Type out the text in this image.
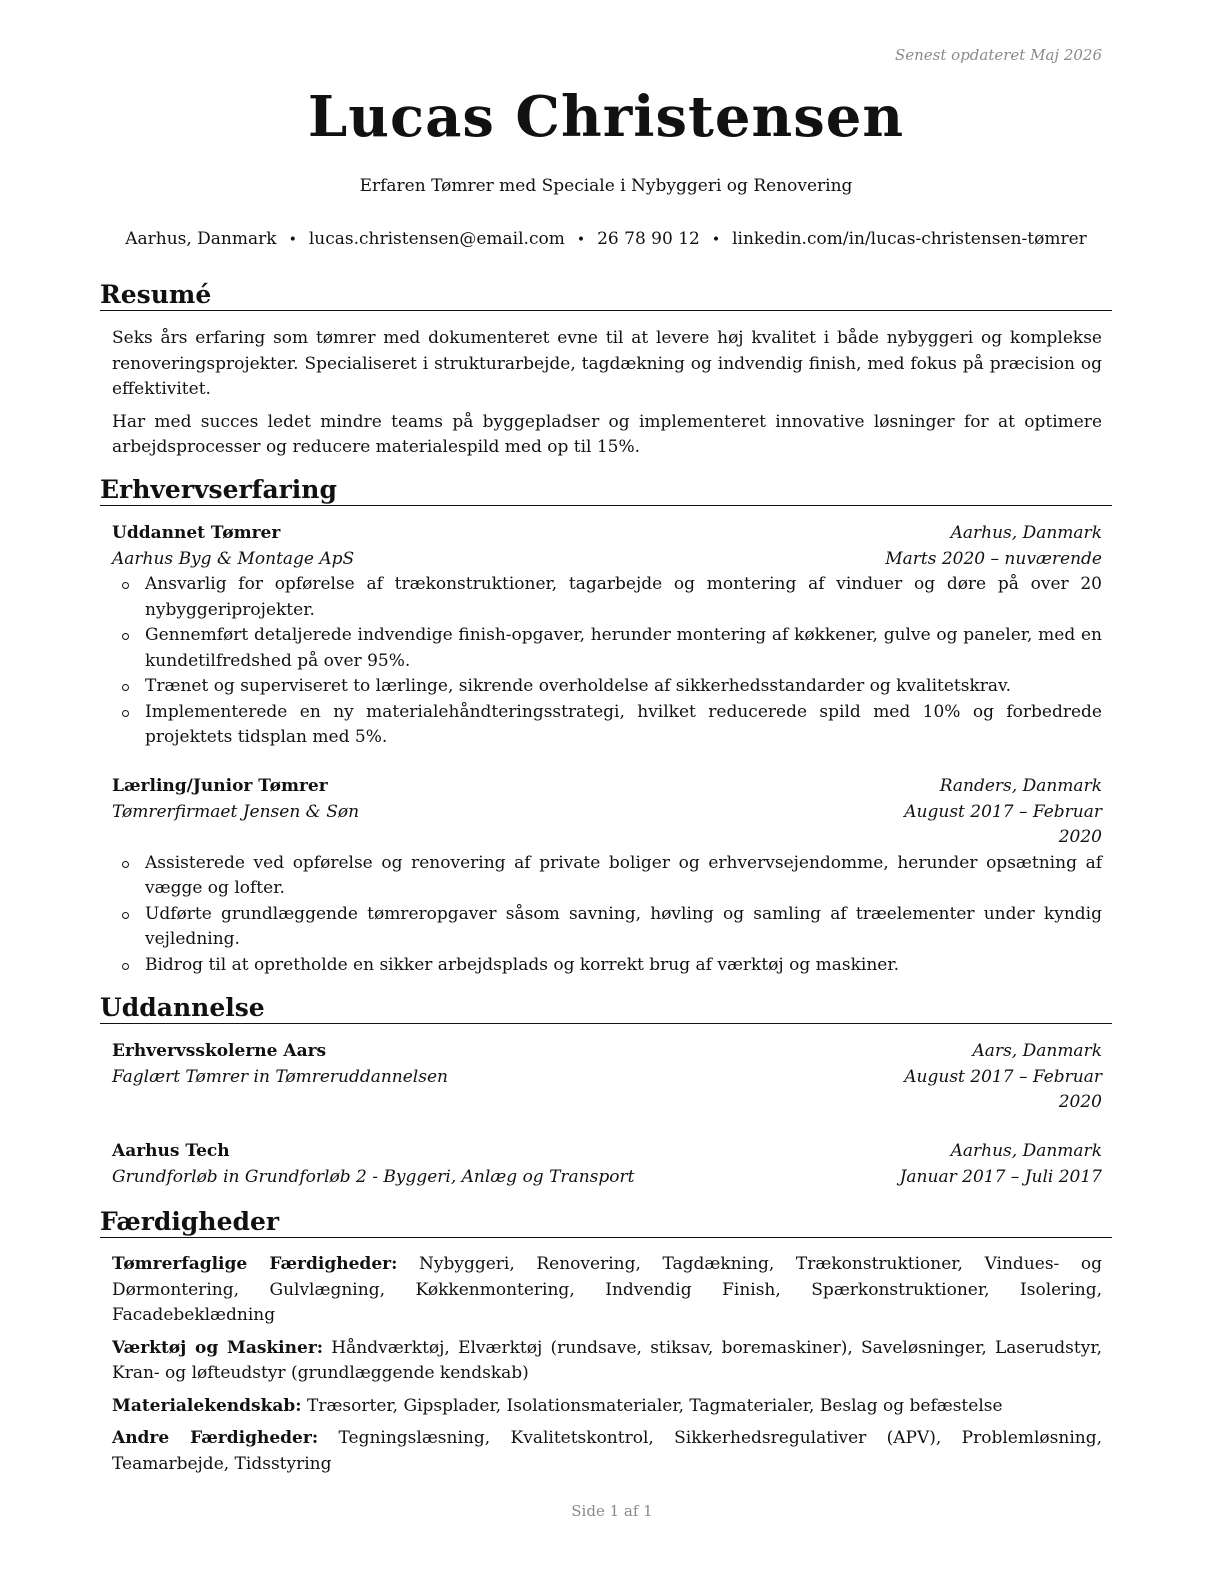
Senest opdateret Maj 2026
Lucas Christensen
Erfaren Tømrer med Speciale i Nybyggeri og Renovering
Aarhus, Danmark • lucas.christensen@email.com • 26 78 90 12 • linkedin.com/in/lucas-christensen-tømrer
Resumé

Seks års erfaring som tømrer med dokumenteret evne til at levere høj kvalitet i både nybyggeri og komplekse renoveringsprojekter. Specialiseret i strukturarbejde, tagdækning og indvendig finish, med fokus på præcision og effektivitet.

Har med succes ledet mindre teams på byggepladser og implementeret innovative løsninger for at optimere arbejdsprocesser og reducere materialespild med op til 15%.

Erhvervserfaring
Uddannet Tømrer	Aarhus, Danmark
Aarhus Byg & Montage ApS	Marts 2020 – nuværende
Ansvarlig for opførelse af trækonstruktioner, tagarbejde og montering af vinduer og døre på over 20 nybyggeriprojekter.
Gennemført detaljerede indvendige finish-opgaver, herunder montering af køkkener, gulve og paneler, med en kundetilfredshed på over 95%.
Trænet og superviseret to lærlinge, sikrende overholdelse af sikkerhedsstandarder og kvalitetskrav.
Implementerede en ny materialehåndteringsstrategi, hvilket reducerede spild med 10% og forbedrede projektets tidsplan med 5%.
Lærling/Junior Tømrer	Randers, Danmark
Tømrerfirmaet Jensen & Søn	August 2017 – Februar 2020
Assisterede ved opførelse og renovering af private boliger og erhvervsejendomme, herunder opsætning af vægge og lofter.
Udførte grundlæggende tømreropgaver såsom savning, høvling og samling af træelementer under kyndig vejledning.
Bidrog til at opretholde en sikker arbejdsplads og korrekt brug af værktøj og maskiner.
Uddannelse
Erhvervsskolerne Aars	Aars, Danmark
Faglært Tømrer in Tømreruddannelsen	August 2017 – Februar 2020
Aarhus Tech	Aarhus, Danmark
Grundforløb in Grundforløb 2 - Byggeri, Anlæg og Transport	Januar 2017 – Juli 2017
Færdigheder

Tømrerfaglige Færdigheder: Nybyggeri, Renovering, Tagdækning, Trækonstruktioner, Vindues- og Dørmontering, Gulvlægning, Køkkenmontering, Indvendig Finish, Spærkonstruktioner, Isolering, Facadebeklædning

Værktøj og Maskiner: Håndværktøj, Elværktøj (rundsave, stiksav, boremaskiner), Saveløsninger, Laserudstyr, Kran- og løfteudstyr (grundlæggende kendskab)

Materialekendskab: Træsorter, Gipsplader, Isolationsmaterialer, Tagmaterialer, Beslag og befæstelse

Andre Færdigheder: Tegningslæsning, Kvalitetskontrol, Sikkerhedsregulativer (APV), Problemløsning, Teamarbejde, Tidsstyring

Side 1 af 1
